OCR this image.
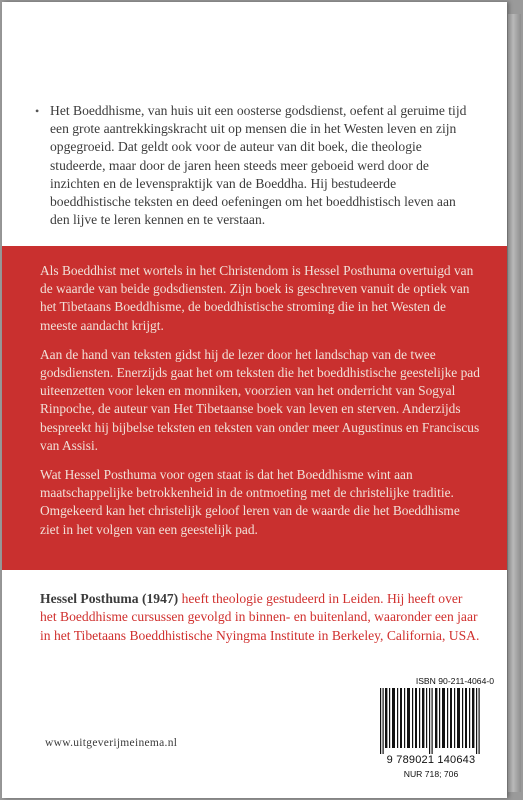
• Het Boeddhisme, van huis uit een oosterse godsdienst, oefent al geruime tijd een grote aantrekkingskracht uit op mensen die in het Westen leven en zijn opgegroeid. Dat geldt ook voor de auteur van dit boek, die theologie studeerde, maar door de jaren heen steeds meer geboeid werd door de inzichten en de levenspraktijk van de Boeddha. Hij bestudeerde boeddhistische teksten en deed oefeningen om het boeddhistisch leven aan den lijve te leren kennen en te verstaan.

Als Boeddhist met wortels in het Christendom is Hessel Posthuma overtuigd van de waarde van beide godsdiensten. Zijn boek is geschreven vanuit de optiek van het Tibetaans Boeddhisme, de boeddhistische stroming die in het Westen de meeste aandacht krijgt.

Aan de hand van teksten gidst hij de lezer door het landschap van de twee godsdiensten. Enerzijds gaat het om teksten die het boeddhistische geestelijke pad uiteenzetten voor leken en monniken, voorzien van het onderricht van Sogyal Rinpoche, de auteur van Het Tibetaanse boek van leven en sterven. Anderzijds bespreekt hij bijbelse teksten en teksten van onder meer Augustinus en Franciscus van Assisi.

Wat Hessel Posthuma voor ogen staat is dat het Boeddhisme wint aan maatschappelijke betrokkenheid in de ontmoeting met de christelijke traditie. Omgekeerd kan het christelijk geloof leren van de waarde die het Boeddhisme ziet in het volgen van een geestelijk pad.

Hessel Posthuma (1947) heeft theologie gestudeerd in Leiden. Hij heeft over het Boeddhisme cursussen gevolgd in binnen- en buitenland, waaronder een jaar in het Tibetaans Boeddhistische Nyingma Institute in Berkeley, California, USA.

www.uitgeverijmeinema.nl
ISBN 90-211-4064-0
9 789021 140643
NUR 718; 706
